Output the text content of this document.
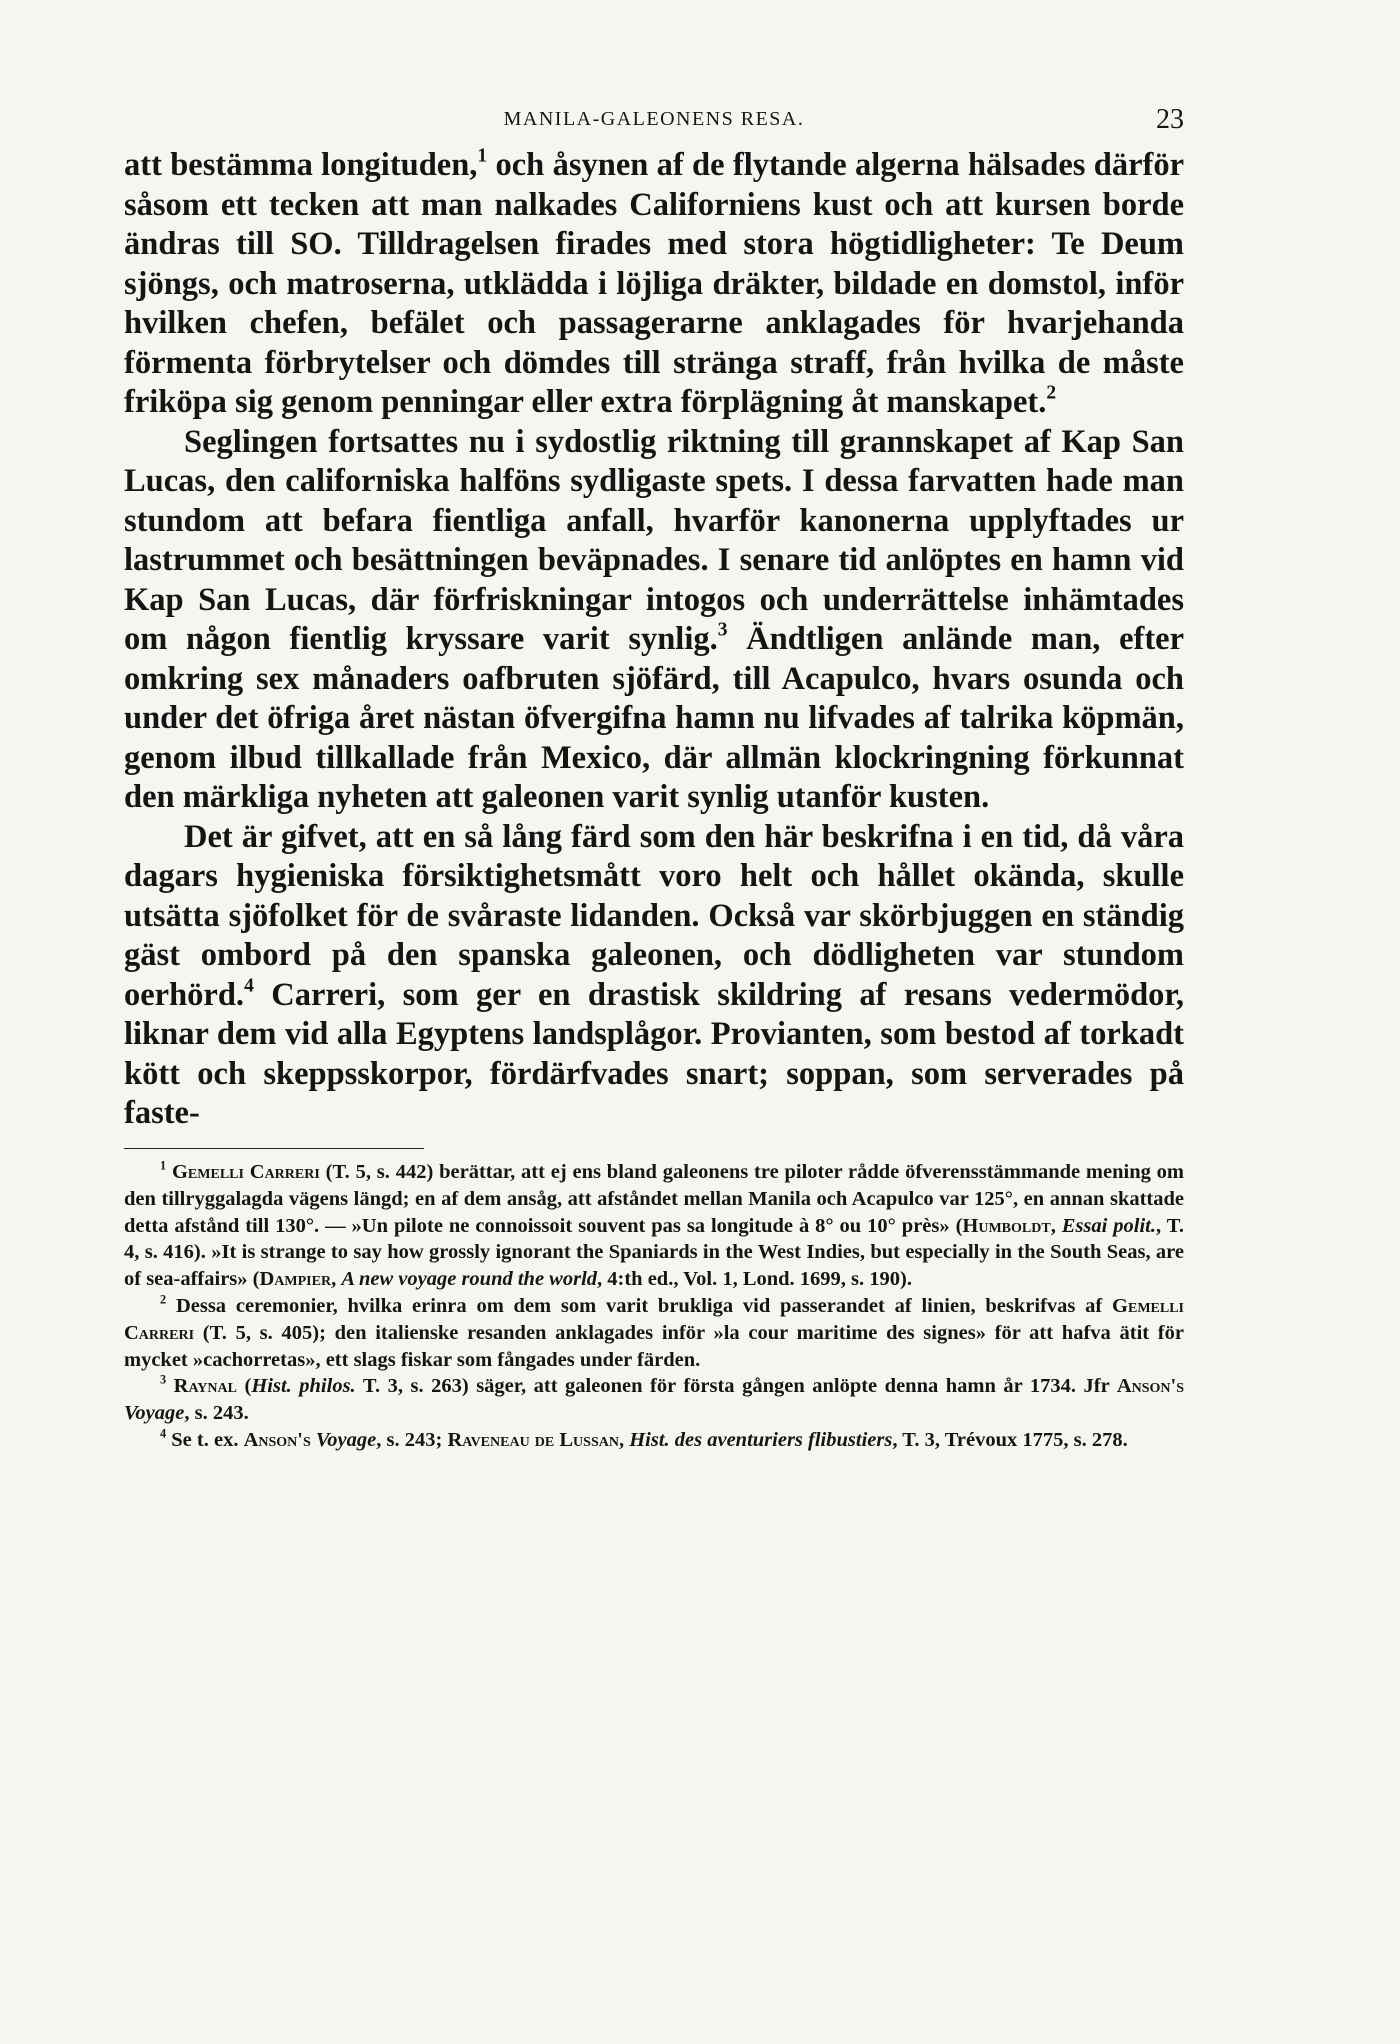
MANILA-GALEONENS RESA.	23

att bestämma longituden,$^1$ och åsynen af de flytande algerna hälsades därför såsom ett tecken att man nalkades Californiens kust och att kursen borde ändras till SO. Tilldragelsen firades med stora högtidligheter: Te Deum sjöngs, och matroserna, utklädda i löjliga dräkter, bildade en domstol, inför hvilken chefen, befälet och passagerarne anklagades för hvarjehanda förmenta förbrytelser och dömdes till stränga straff, från hvilka de måste friköpa sig genom penningar eller extra förplägning åt manskapet.$^2$

Seglingen fortsattes nu i sydostlig riktning till grannskapet af Kap San Lucas, den californiska halföns sydligaste spets. I dessa farvatten hade man stundom att befara fientliga anfall, hvarför kanonerna upplyftades ur lastrummet och besättningen beväpnades. I senare tid anlöptes en hamn vid Kap San Lucas, där förfriskningar intogos och underrättelse inhämtades om någon fientlig kryssare varit synlig.$^3$ Ändtligen anlände man, efter omkring sex månaders oafbruten sjöfärd, till Acapulco, hvars osunda och under det öfriga året nästan öfvergifna hamn nu lifvades af talrika köpmän, genom ilbud tillkallade från Mexico, där allmän klockringning förkunnat den märkliga nyheten att galeonen varit synlig utanför kusten.

Det är gifvet, att en så lång färd som den här beskrifna i en tid, då våra dagars hygieniska försiktighetsmått voro helt och hållet okända, skulle utsätta sjöfolket för de svåraste lidanden. Också var skörbjuggen en ständig gäst ombord på den spanska galeonen, och dödligheten var stundom oerhörd.$^4$ Carreri, som ger en drastisk skildring af resans vedermödor, liknar dem vid alla Egyptens landsplågor. Provianten, som bestod af torkadt kött och skeppsskorpor, fördärfvades snart; soppan, som serverades på faste-

$^1$ Gemelli Carreri (T. 5, s. 442) berättar, att ej ens bland galeonens tre piloter rådde öfverensstämmande mening om den tillryggalagda vägens längd; en af dem ansåg, att afståndet mellan Manila och Acapulco var 125°, en annan skattade detta afstånd till 130°. — »Un pilote ne connoissoit souvent pas sa longitude à 8° ou 10° près» (Humboldt, Essai polit., T. 4, s. 416). »It is strange to say how grossly ignorant the Spaniards in the West Indies, but especially in the South Seas, are of sea-affairs» (Dampier, A new voyage round the world, 4:th ed., Vol. 1, Lond. 1699, s. 190).

$^2$ Dessa ceremonier, hvilka erinra om dem som varit brukliga vid passerandet af linien, beskrifvas af Gemelli Carreri (T. 5, s. 405); den italienske resanden anklagades inför »la cour maritime des signes» för att hafva ätit för mycket »cachorretas», ett slags fiskar som fångades under färden.

$^3$ Raynal (Hist. philos. T. 3, s. 263) säger, att galeonen för första gången anlöpte denna hamn år 1734. Jfr Anson's Voyage, s. 243.

$^4$ Se t. ex. Anson's Voyage, s. 243; Raveneau de Lussan, Hist. des aventuriers flibustiers, T. 3, Trévoux 1775, s. 278.
